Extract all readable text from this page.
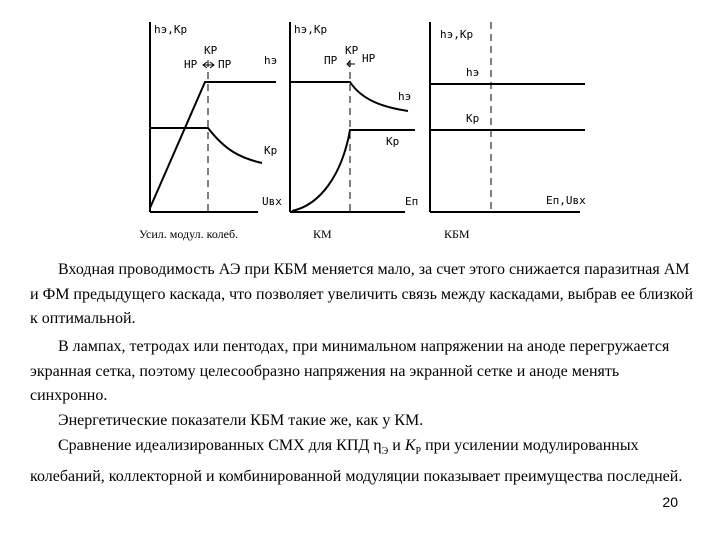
hэ,Kp
Uвх
KP
НР ПР	hэ
Kp
Усил. модул. колеб.
hэ,Kp
Eп
ПР
KP
НР
hэ
Kp
КМ
hэ,Kp
Eп,Uвх
hэ
Kp
КБМ

Входная проводимость АЭ при КБМ меняется мало, за счет этого снижается паразитная АМ и ФМ предыдущего каскада, что позволяет увеличить связь между каскадами, выбрав ее близкой к оптимальной.

В лампах, тетродах или пентодах, при минимальном напряжении на аноде перегружается экранная сетка, поэтому целесообразно напряжения на экранной сетке и аноде менять синхронно.

Энергетические показатели КБМ такие же, как у КМ.

Сравнение идеализированных СМХ для КПД $\eta_Э$ и $K_Р$ при усилении модулированных колебаний, коллекторной и комбинированной модуляции показывает преимущества последней.

20
